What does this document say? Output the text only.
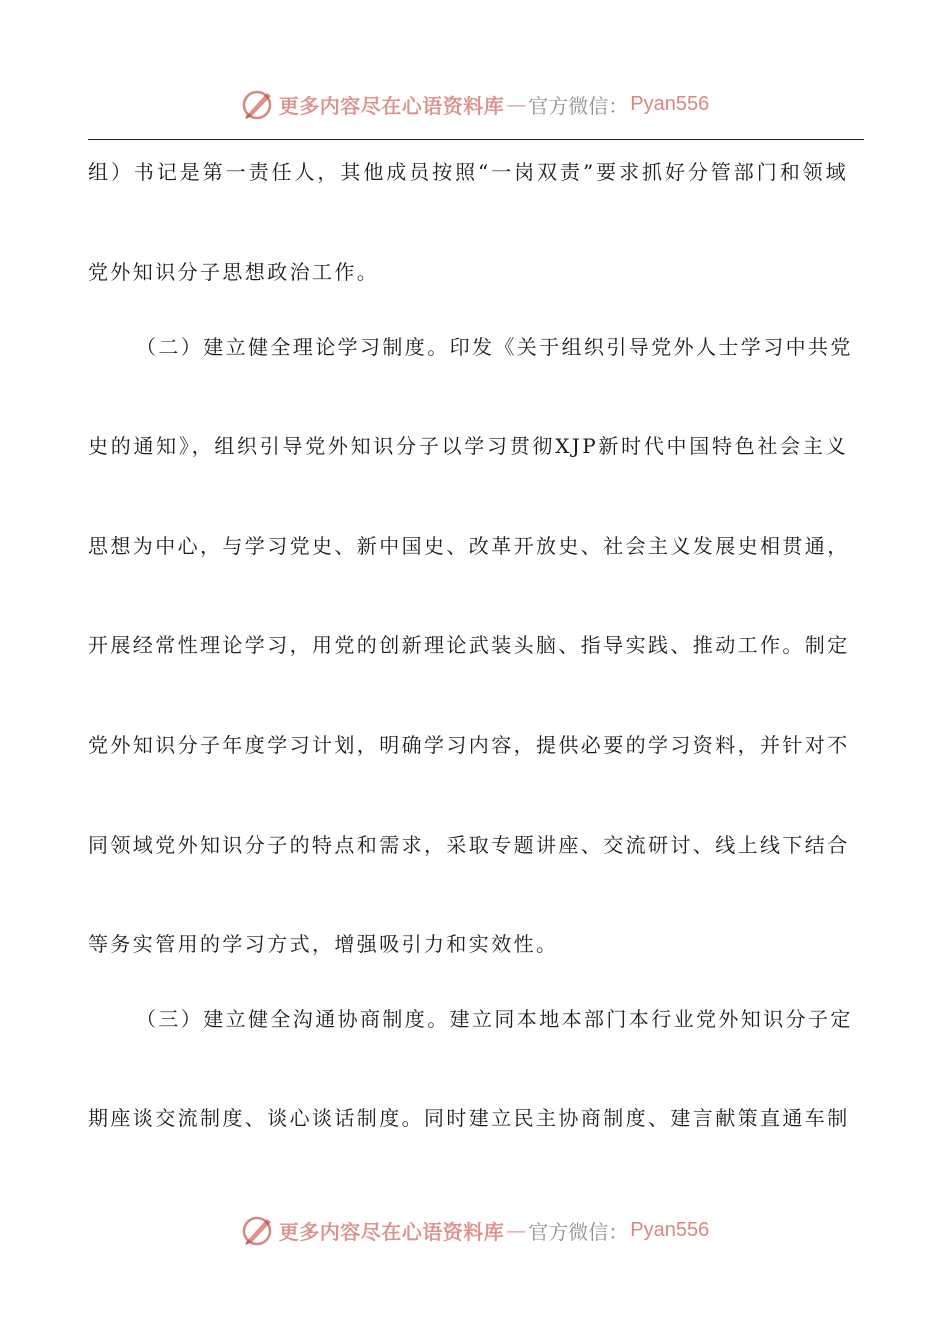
更多内容尽在心语资料库 — 官方微信： Pyan556
组）书记是第一责任人，其他成员按照“一岗双责”要求抓好分管部门和领域
党外知识分子思想政治工作。
（二）建立健全理论学习制度。印发《关于组织引导党外人士学习中共党
史的通知》，组织引导党外知识分子以学习贯彻XJP新时代中国特色社会主义
思想为中心，与学习党史、新中国史、改革开放史、社会主义发展史相贯通，
开展经常性理论学习，用党的创新理论武装头脑、指导实践、推动工作。制定
党外知识分子年度学习计划，明确学习内容，提供必要的学习资料，并针对不
同领域党外知识分子的特点和需求，采取专题讲座、交流研讨、线上线下结合
等务实管用的学习方式，增强吸引力和实效性。
（三）建立健全沟通协商制度。建立同本地本部门本行业党外知识分子定
期座谈交流制度、谈心谈话制度。同时建立民主协商制度、建言献策直通车制
更多内容尽在心语资料库 — 官方微信： Pyan556
